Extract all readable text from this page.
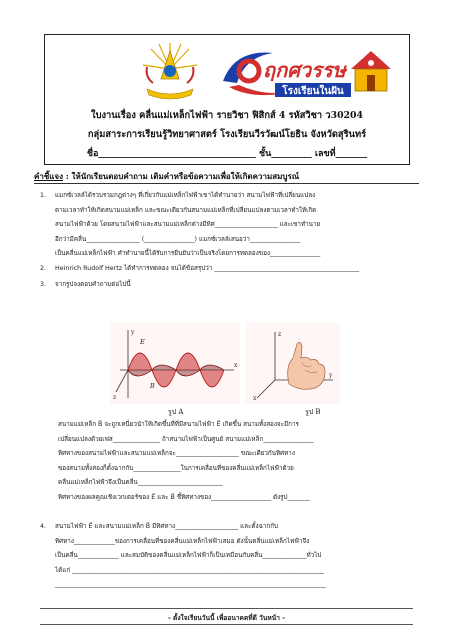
ฤกศวรรษ
โรงเรียนในฝัน
ใบงานเรื่อง คลื่นแม่เหล็กไฟฟ้า รายวิชา ฟิสิกส์ 4 รหัสวิชา ว30204
กลุ่มสาระการเรียนรู้วิทยาศาสตร์ โรงเรียนวีรวัฒน์โยธิน จังหวัดสุรินทร์
ชื่อ___________________________________ ชั้น_________ เลขที่_______
คำชี้แจง : ให้นักเรียนตอบคำถาม เติมคำหรือข้อความเพื่อให้เกิดความสมบูรณ์
1. แมกซ์เวลล์ได้รวบรวมกฎต่างๆ ที่เกี่ยวกับแม่เหล็กไฟฟ้าเขาได้ทำนายว่า สนามไฟฟ้าที่เปลี่ยนแปลง
ตามเวลาทำให้เกิดสนามแม่เหล็ก และขณะเดียวกันสนามแม่เหล็กที่เปลี่ยนแปลงตามเวลาทำให้เกิด
สนามไฟฟ้าด้วย โดยสนามไฟฟ้าและสนามแม่เหล็กต่างมีทิศ____________________ และเขาทำนาย
อีกว่ามีคลื่น_________________ (________________) แมกซ์เวลล์เสนอว่า________________
เป็นคลื่นแม่เหล็กไฟฟ้า คำทำนายนี้ได้รับการยืนยันว่าเป็นจริงโดยการทดลองของ________________
2. Heinrich Rudolf Hertz ได้ทำการทดลอง จนได้ข้อสรุปว่า ______________________________________________
3. จากรูปจงตอบคำถามต่อไปนี้
x
y
z
E
B
z
y
x
รูป A	รูป B
สนามแม่เหล็ก B⃗ จะถูกเหนี่ยวนำให้เกิดขึ้นที่ที่มีสนามไฟฟ้า E⃗ เกิดขึ้น สนามทั้งสองจะมีการ
เปลี่ยนแปลงด้วยเฟส_______________ ถ้าสนามไฟฟ้าเป็นศูนย์ สนามแม่เหล็ก________________
ทิศทางของสนามไฟฟ้าและสนามแม่เหล็กจะ____________________ ขณะเดียวกันทิศทาง
ของสนามทั้งสองก็ตั้งฉากกับ_______________ในการเคลื่อนที่ของคลื่นแม่เหล็กไฟฟ้าด้วย
คลื่นแม่เหล็กไฟฟ้าจึงเป็นคลื่น___________________________
ทิศทางของผลคูณเชิงเวกเตอร์ของ E⃗ และ B⃗ ชี้ทิศทางของ___________________ ดังรูป_______
4. สนามไฟฟ้า E⃗ และสนามแม่เหล็ก B⃗ มีทิศทาง____________________ และตั้งฉากกับ
ทิศทาง_____________ของการเคลื่อนที่ของคลื่นแม่เหล็กไฟฟ้าเสมอ ดังนั้นคลื่นแม่เหล็กไฟฟ้าจึง
เป็นคลื่น_____________ และสมบัติของคลื่นแม่เหล็กไฟฟ้าก็เป็นเหมือนกับคลื่น______________ทั่วไป
ได้แก่ ________________________________________________________________________________
______________________________________________________________________________________
- ตั้งใจเรียนวันนี้ เพื่ออนาคตที่ดี วันหน้า -
